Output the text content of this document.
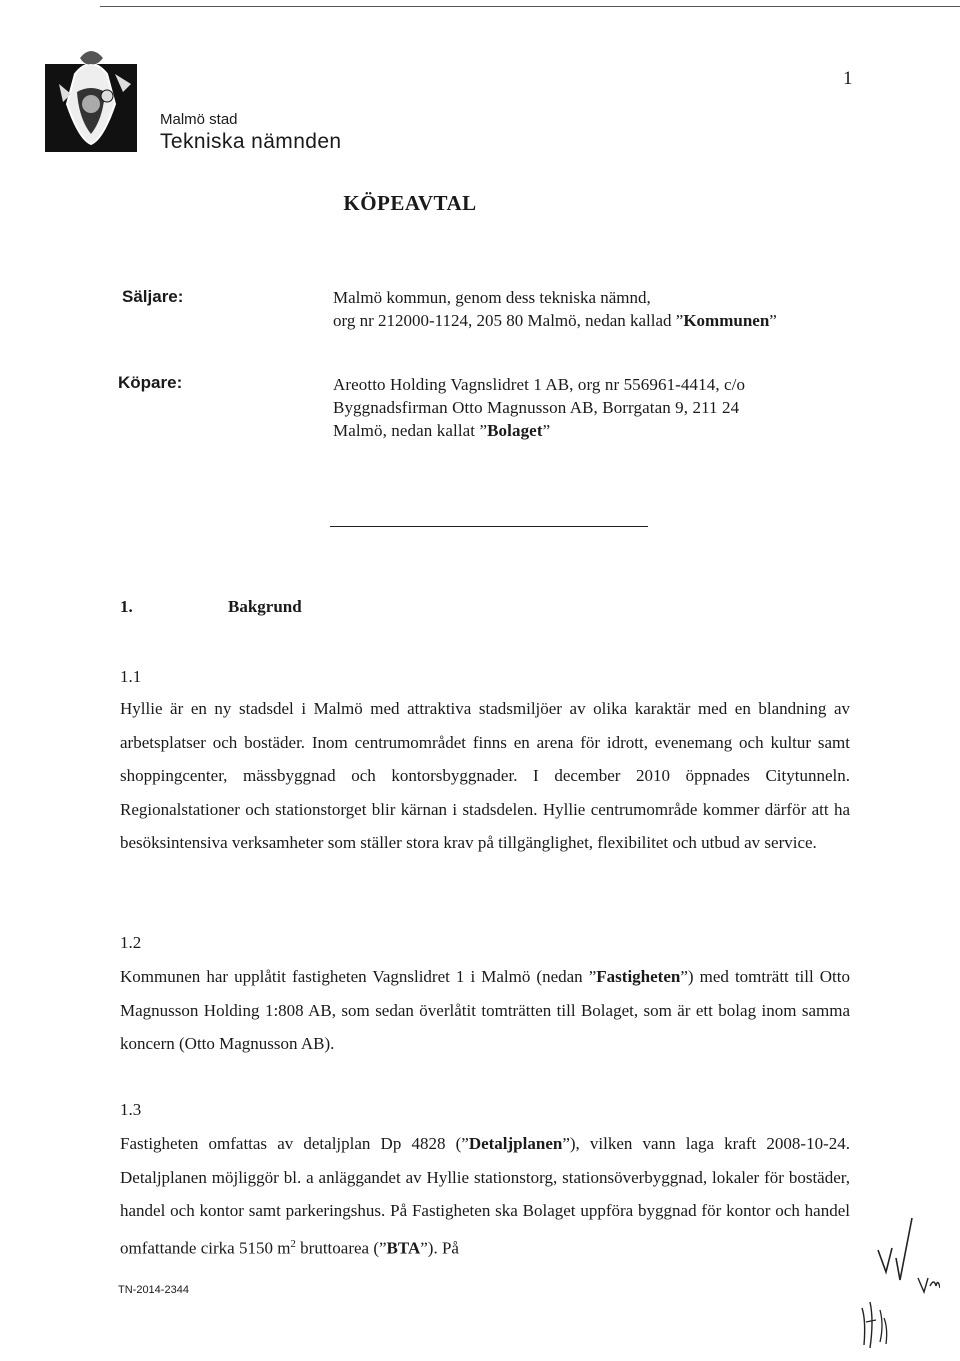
1
Malmö stad
Tekniska nämnden
KÖPEAVTAL
Säljare:	Malmö kommun, genom dess tekniska nämnd,
org nr 212000-1124, 205 80 Malmö, nedan kallad ”Kommunen”
Köpare:	Areotto Holding Vagnslidret 1 AB, org nr 556961-4414, c/o
Byggnadsfirman Otto Magnusson AB, Borrgatan 9, 211 24
Malmö, nedan kallat ”Bolaget”
1.	Bakgrund
1.1
Hyllie är en ny stadsdel i Malmö med attraktiva stadsmiljöer av olika karaktär med en blandning av arbetsplatser och bostäder. Inom centrumområdet finns en arena för idrott, evenemang och kultur samt shoppingcenter, mässbyggnad och kontorsbyggnader. I december 2010 öppnades Citytunneln. Regionalstationer och stationstorget blir kärnan i stadsdelen. Hyllie centrumområde kommer därför att ha besöksintensiva verksamheter som ställer stora krav på tillgänglighet, flexibilitet och utbud av service.
1.2
Kommunen har upplåtit fastigheten Vagnslidret 1 i Malmö (nedan ”Fastigheten”) med tomträtt till Otto Magnusson Holding 1:808 AB, som sedan överlåtit tomträtten till Bolaget, som är ett bolag inom samma koncern (Otto Magnusson AB).
1.3
Fastigheten omfattas av detaljplan Dp 4828 (”Detaljplanen”), vilken vann laga kraft 2008-10-24. Detaljplanen möjliggör bl. a anläggandet av Hyllie stationstorg, stationsöverbyggnad, lokaler för bostäder, handel och kontor samt parkeringshus. På Fastigheten ska Bolaget uppföra byggnad för kontor och handel omfattande cirka 5150 $m^2$ bruttoarea (”BTA”). På
TN-2014-2344
